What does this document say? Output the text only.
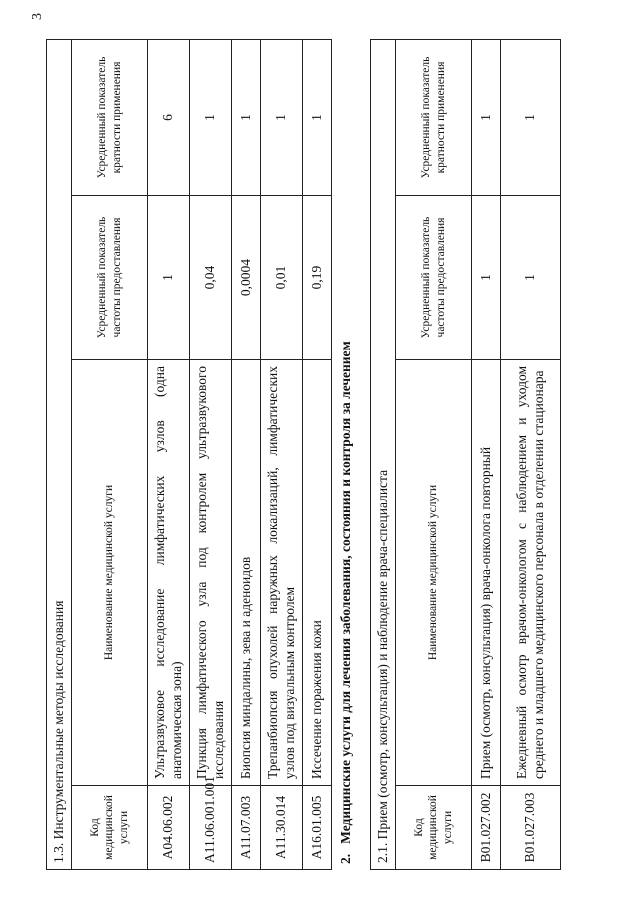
3
1.3. Инструментальные методы исследования			
Код медицинской услуги	Наименование медицинской услуги	Усредненный показатель частоты предоставления	Усредненный показатель кратности применения
A04.06.002	Ультразвуковое исследование лимфатических узлов (одна анатомическая зона)	1	6
A11.06.001.001	Пункция лимфатического узла под контролем ультразвукового исследования	0,04	1
A11.07.003	Биопсия миндалины, зева и аденоидов	0,0004	1
A11.30.014	Трепанбиопсия опухолей наружных локализаций, лимфатических узлов под визуальным контролем	0,01	1
A16.01.005	Иссечение поражения кожи	0,19	1
2.Медицинские услуги для лечения заболевания, состояния и контроля за лечением 2.1. Прием (осмотр, консультация) и наблюдение врача-специалиста			
Код медицинской услуги	Наименование медицинской услуги	Усредненный показатель частоты предоставления	Усредненный показатель кратности применения
B01.027.002	Прием (осмотр, консультация) врача-онколога повторный	1	1
B01.027.003	Ежедневный осмотр врачом-онкологом с наблюдением и уходом среднего и младшего медицинского персонала в отделении стационара	1	1
